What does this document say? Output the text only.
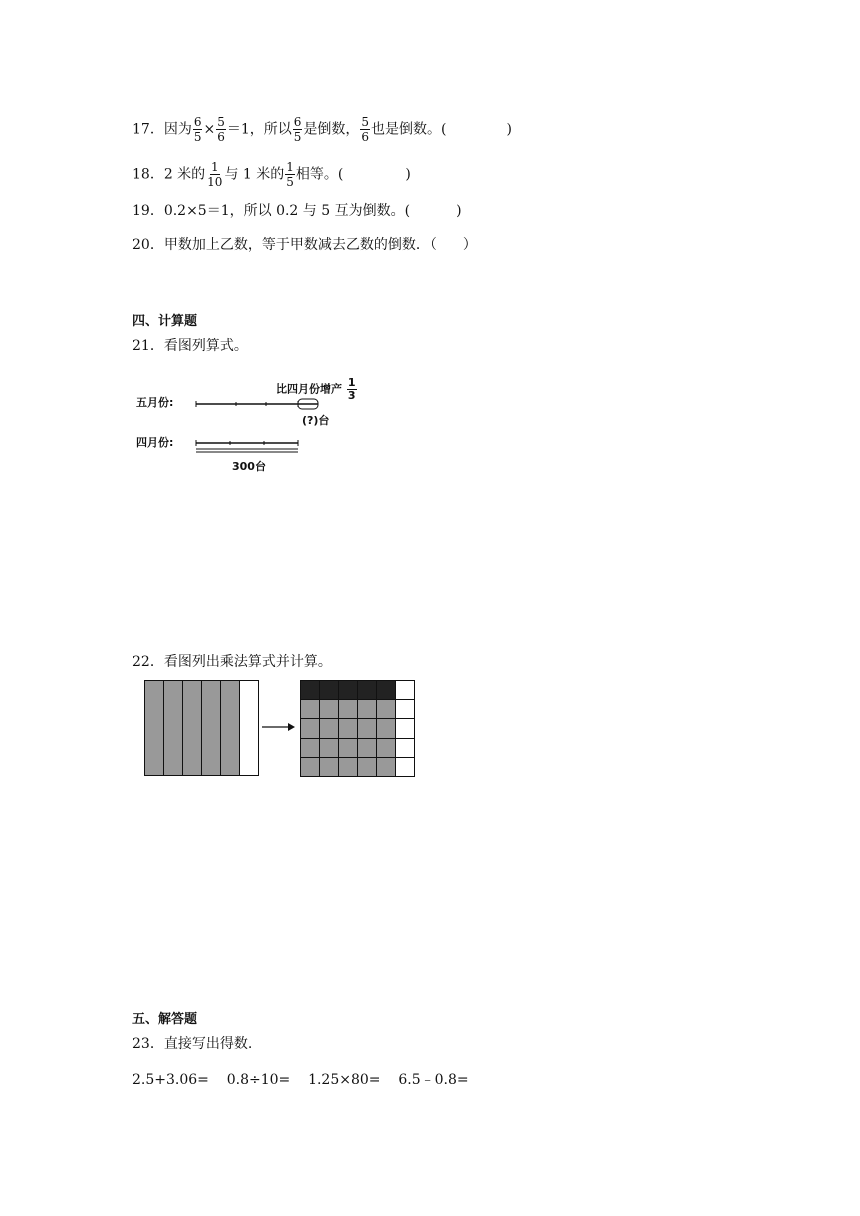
17．因为 $\frac{6}{5} \times \frac{5}{6} =1$，所以 $\frac{6}{5}$ 是倒数， $\frac{5}{6}$ 也是倒数。(	)
18．2 米的 $\frac{1}{10}$ 与 1 米的 $\frac{1}{5}$ 相等。(	)
19．0.2×5＝1，所以 0.2 与 5 互为倒数。(	)
20．甲数加上乙数，等于甲数减去乙数的倒数．（ ）
四、计算题
21．看图列算式。
五月份:
四月份:
比四月份增产 $\frac{1}{3}$
(?)台
300台
22．看图列出乘法算式并计算。
五、解答题
23．直接写出得数.
2.5+3.06= 0.8÷10= 1.25×80= 6.5﹣0.8=
